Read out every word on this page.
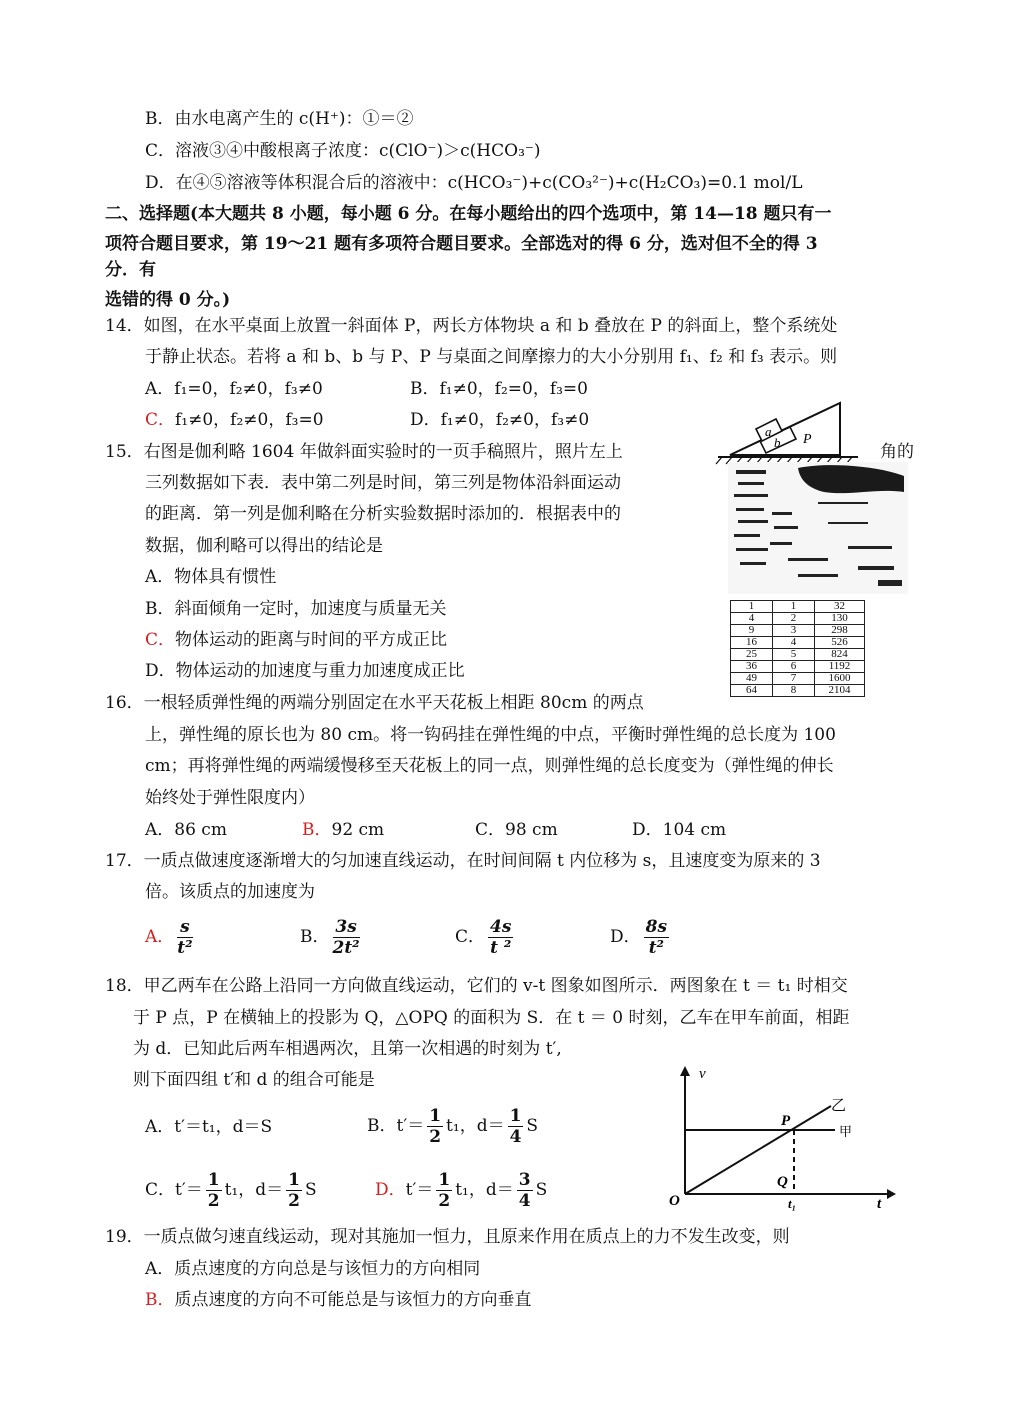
B．由水电离产生的 c(H⁺)：①＝②
C．溶液③④中酸根离子浓度：c(ClO⁻)＞c(HCO₃⁻)
D．在④⑤溶液等体积混合后的溶液中：c(HCO₃⁻)+c(CO₃²⁻)+c(H₂CO₃)=0.1 mol/L
二、选择题(本大题共 8 小题，每小题 6 分。在每小题给出的四个选项中，第 14—18 题只有一
项符合题目要求，第 19～21 题有多项符合题目要求。全部选对的得 6 分，选对但不全的得 3
分．有
选错的得 0 分。)
14．如图，在水平桌面上放置一斜面体 P，两长方体物块 a 和 b 叠放在 P 的斜面上，整个系统处
于静止状态。若将 a 和 b、b 与 P、P 与桌面之间摩擦力的大小分别用 f₁、f₂ 和 f₃ 表示。则
A．f₁=0，f₂≠0，f₃≠0	B．f₁≠0，f₂=0，f₃=0
C．f₁≠0，f₂≠0，f₃=0	D．f₁≠0，f₂≠0，f₃≠0
a
b P
15．右图是伽利略 1604 年做斜面实验时的一页手稿照片，照片左上	角的
三列数据如下表．表中第二列是时间，第三列是物体沿斜面运动
的距离．第一列是伽利略在分析实验数据时添加的．根据表中的
数据，伽利略可以得出的结论是
A．物体具有惯性
B．斜面倾角一定时，加速度与质量无关
C．物体运动的距离与时间的平方成正比
D．物体运动的加速度与重力加速度成正比
1	1	32
4	2	130
9	3	298
16	4	526
25	5	824
36	6	1192
49	7	1600
64	8	2104
16．一根轻质弹性绳的两端分别固定在水平天花板上相距 80cm 的两点
上，弹性绳的原长也为 80 cm。将一钩码挂在弹性绳的中点，平衡时弹性绳的总长度为 100
cm；再将弹性绳的两端缓慢移至天花板上的同一点，则弹性绳的总长度变为（弹性绳的伸长
始终处于弹性限度内）
A．86 cm	B．92 cm	C．98 cm	D．104 cm
17．一质点做速度逐渐增大的匀加速直线运动，在时间间隔 t 内位移为 s，且速度变为原来的 3
倍。该质点的加速度为
A． $\frac{s}{\text{t²}}$	B． $\frac{3s}{\text{2t²}}$	C． $\frac{4s}{\text{t ²}}$	D． $\frac{8s}{\text{t²}}$
18．甲乙两车在公路上沿同一方向做直线运动，它们的 v-t 图象如图所示．两图象在 t ＝ t₁ 时相交
于 P 点，P 在横轴上的投影为 Q，△OPQ 的面积为 S．在 t ＝ 0 时刻，乙车在甲车前面，相距
为 d．已知此后两车相遇两次，且第一次相遇的时刻为 t′,
则下面四组 t′和 d 的组合可能是
A．t′＝t₁，d＝S	B．$t'= \frac{1}{2} t_1$，$d= \frac{1}{4}$ S
C．$t'= \frac{1}{2} t_1$，$d= \frac{1}{2}$ S	D．$t'= \frac{1}{2} t_1$，$d= \frac{3}{4}$ S
v
t
O
P
Q
t₁
乙
甲
19．一质点做匀速直线运动，现对其施加一恒力，且原来作用在质点上的力不发生改变，则
A．质点速度的方向总是与该恒力的方向相同
B．质点速度的方向不可能总是与该恒力的方向垂直
